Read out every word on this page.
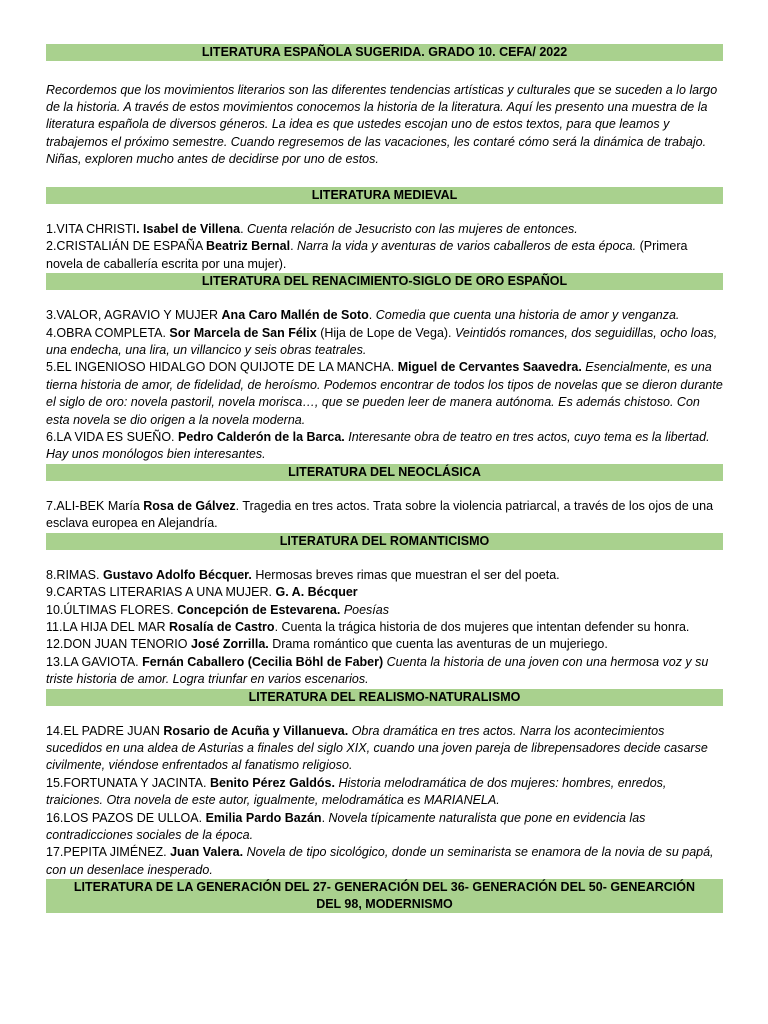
LITERATURA ESPAÑOLA SUGERIDA. GRADO 10. CEFA/ 2022
Recordemos que los movimientos literarios son las diferentes tendencias artísticas y culturales que se suceden a lo largo de la historia. A través de estos movimientos conocemos la historia de la literatura. Aquí les presento una muestra de la literatura española de diversos géneros. La idea es que ustedes escojan uno de estos textos, para que leamos y trabajemos el próximo semestre. Cuando regresemos de las vacaciones, les contaré cómo será la dinámica de trabajo. Niñas, exploren mucho antes de decidirse por uno de estos.
LITERATURA MEDIEVAL
1.VITA CHRISTI. Isabel de Villena. Cuenta relación de Jesucristo con las mujeres de entonces.
2.CRISTALIÁN DE ESPAÑA Beatriz Bernal. Narra la vida y aventuras de varios caballeros de esta época. (Primera novela de caballería escrita por una mujer).
LITERATURA DEL RENACIMIENTO-SIGLO DE ORO ESPAÑOL
3.VALOR, AGRAVIO Y MUJER Ana Caro Mallén de Soto. Comedia que cuenta una historia de amor y venganza.
4.OBRA COMPLETA. Sor Marcela de San Félix (Hija de Lope de Vega). Veintidós romances, dos seguidillas, ocho loas, una endecha, una lira, un villancico y seis obras teatrales.
5.EL INGENIOSO HIDALGO DON QUIJOTE DE LA MANCHA. Miguel de Cervantes Saavedra. Esencialmente, es una tierna historia de amor, de fidelidad, de heroísmo. Podemos encontrar de todos los tipos de novelas que se dieron durante el siglo de oro: novela pastoril, novela morisca…, que se pueden leer de manera autónoma. Es además chistoso. Con esta novela se dio origen a la novela moderna.
6.LA VIDA ES SUEÑO. Pedro Calderón de la Barca. Interesante obra de teatro en tres actos, cuyo tema es la libertad. Hay unos monólogos bien interesantes.
LITERATURA DEL NEOCLÁSICA
7.ALI-BEK María Rosa de Gálvez. Tragedia en tres actos. Trata sobre la violencia patriarcal, a través de los ojos de una esclava europea en Alejandría.
LITERATURA DEL ROMANTICISMO
8.RIMAS. Gustavo Adolfo Bécquer. Hermosas breves rimas que muestran el ser del poeta.
9.CARTAS LITERARIAS A UNA MUJER. G. A. Bécquer
10.ÚLTIMAS FLORES. Concepción de Estevarena. Poesías
11.LA HIJA DEL MAR Rosalía de Castro. Cuenta la trágica historia de dos mujeres que intentan defender su honra.
12.DON JUAN TENORIO José Zorrilla. Drama romántico que cuenta las aventuras de un mujeriego.
13.LA GAVIOTA. Fernán Caballero (Cecilia Böhl de Faber) Cuenta la historia de una joven con una hermosa voz y su triste historia de amor. Logra triunfar en varios escenarios.
LITERATURA DEL REALISMO-NATURALISMO
14.EL PADRE JUAN Rosario de Acuña y Villanueva. Obra dramática en tres actos. Narra los acontecimientos sucedidos en una aldea de Asturias a finales del siglo XIX, cuando una joven pareja de librepensadores decide casarse civilmente, viéndose enfrentados al fanatismo religioso.
15.FORTUNATA Y JACINTA. Benito Pérez Galdós. Historia melodramática de dos mujeres: hombres, enredos, traiciones. Otra novela de este autor, igualmente, melodramática es MARIANELA.
16.LOS PAZOS DE ULLOA. Emilia Pardo Bazán. Novela típicamente naturalista que pone en evidencia las contradicciones sociales de la época.
17.PEPITA JIMÉNEZ. Juan Valera. Novela de tipo sicológico, donde un seminarista se enamora de la novia de su papá, con un desenlace inesperado.
LITERATURA DE LA GENERACIÓN DEL 27- GENERACIÓN DEL 36- GENERACIÓN DEL 50- GENEARCIÓN DEL 98, MODERNISMO
